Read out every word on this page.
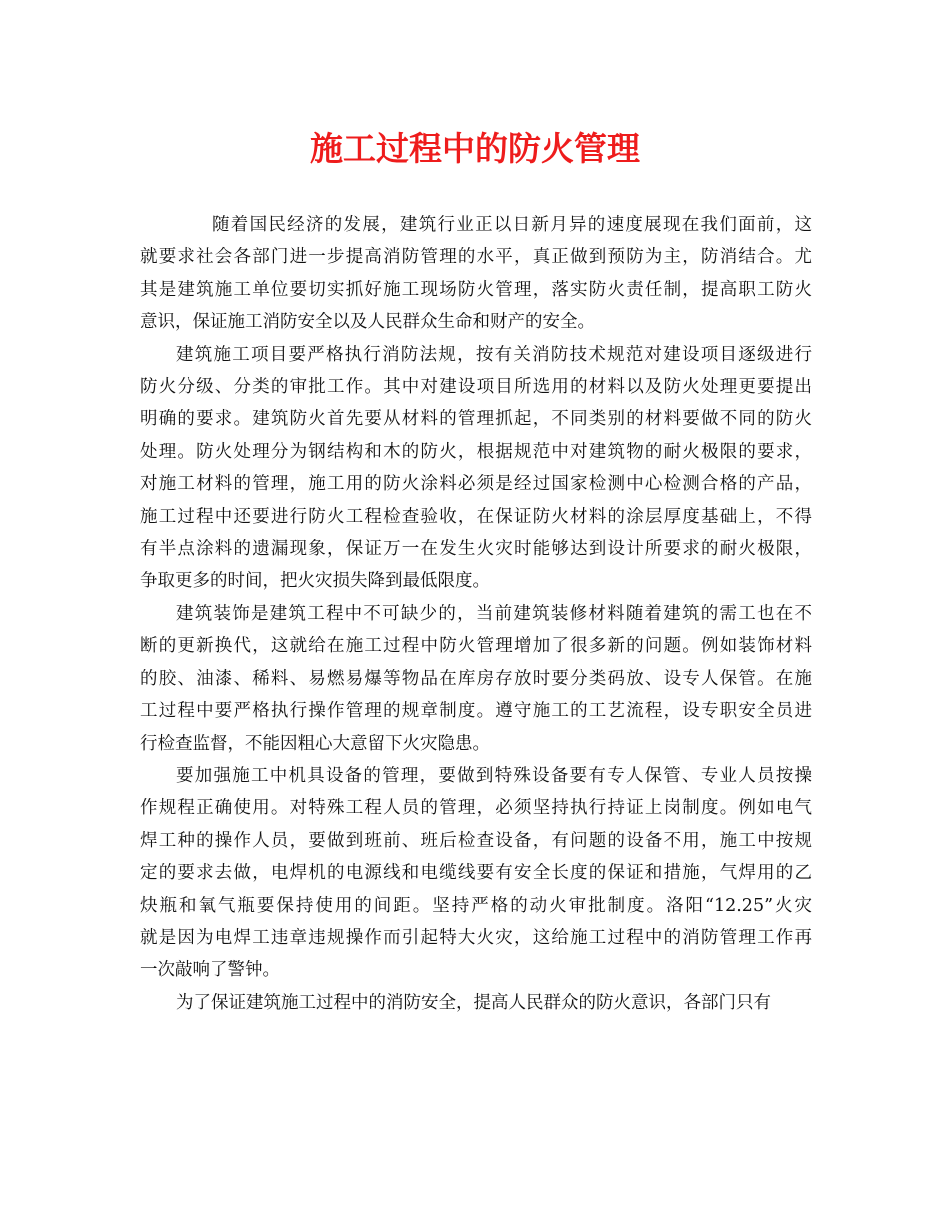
施工过程中的防火管理

随着国民经济的发展，建筑行业正以日新月异的速度展现在我们面前，这
就要求社会各部门进一步提高消防管理的水平，真正做到预防为主，防消结合。尤
其是建筑施工单位要切实抓好施工现场防火管理，落实防火责任制，提高职工防火
意识，保证施工消防安全以及人民群众生命和财产的安全。

建筑施工项目要严格执行消防法规，按有关消防技术规范对建设项目逐级进行
防火分级、分类的审批工作。其中对建设项目所选用的材料以及防火处理更要提出
明确的要求。建筑防火首先要从材料的管理抓起，不同类别的材料要做不同的防火
处理。防火处理分为钢结构和木的防火，根据规范中对建筑物的耐火极限的要求，
对施工材料的管理，施工用的防火涂料必须是经过国家检测中心检测合格的产品，
施工过程中还要进行防火工程检查验收，在保证防火材料的涂层厚度基础上，不得
有半点涂料的遗漏现象，保证万一在发生火灾时能够达到设计所要求的耐火极限，
争取更多的时间，把火灾损失降到最低限度。

建筑装饰是建筑工程中不可缺少的，当前建筑装修材料随着建筑的需工也在不
断的更新换代，这就给在施工过程中防火管理增加了很多新的问题。例如装饰材料
的胶、油漆、稀料、易燃易爆等物品在库房存放时要分类码放、设专人保管。在施
工过程中要严格执行操作管理的规章制度。遵守施工的工艺流程，设专职安全员进
行检查监督，不能因粗心大意留下火灾隐患。

要加强施工中机具设备的管理，要做到特殊设备要有专人保管、专业人员按操
作规程正确使用。对特殊工程人员的管理，必须坚持执行持证上岗制度。例如电气
焊工种的操作人员，要做到班前、班后检查设备，有问题的设备不用，施工中按规
定的要求去做，电焊机的电源线和电缆线要有安全长度的保证和措施，气焊用的乙
炔瓶和氧气瓶要保持使用的间距。坚持严格的动火审批制度。洛阳“12.25”火灾
就是因为电焊工违章违规操作而引起特大火灾，这给施工过程中的消防管理工作再
一次敲响了警钟。

为了保证建筑施工过程中的消防安全，提高人民群众的防火意识，各部门只有
